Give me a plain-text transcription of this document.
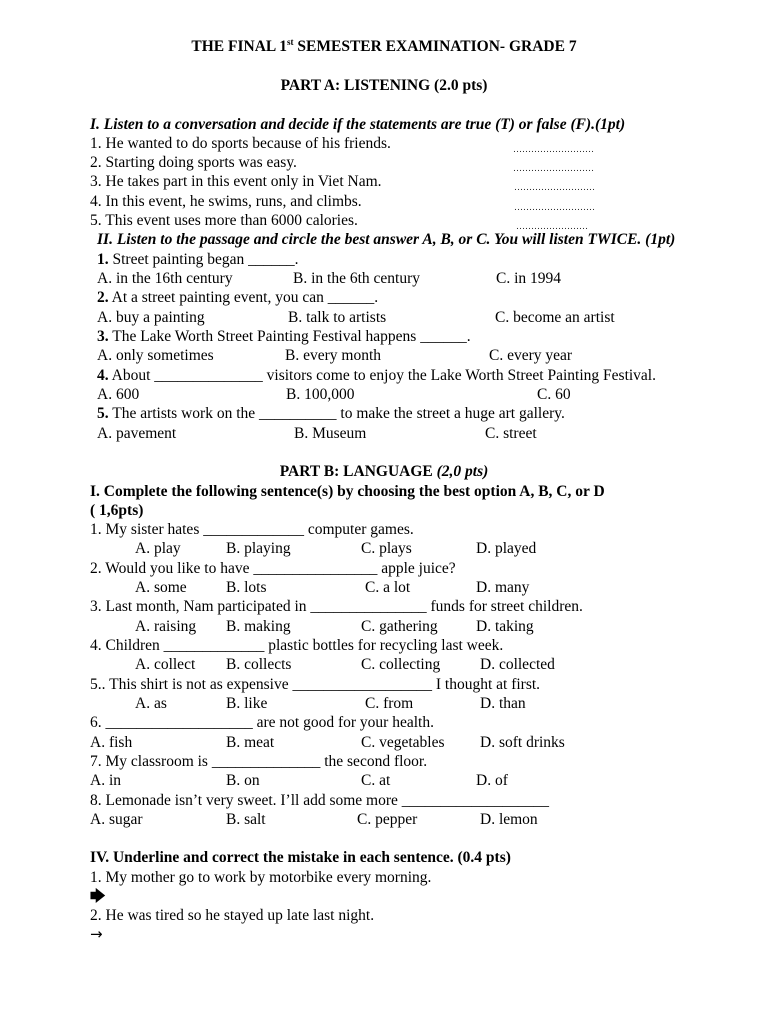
THE FINAL 1st SEMESTER EXAMINATION- GRADE 7
PART A: LISTENING (2.0 pts)
I. Listen to a conversation and decide if the statements are true (T) or false (F).(1pt)
1. He wanted to do sports because of his friends.	………………………
2. Starting doing sports was easy.	………………………
3. He takes part in this event only in Viet Nam.	………………………
4. In this event, he swims, runs, and climbs.	………………………
5. This event uses more than 6000 calories.	……………………
II. Listen to the passage and circle the best answer A, B, or C. You will listen TWICE. (1pt)
1. Street painting began ______.
A. in the 16th century	B. in the 6th century	C. in 1994
2. At a street painting event, you can ______.
A. buy a painting	B. talk to artists	C. become an artist
3. The Lake Worth Street Painting Festival happens ______.
A. only sometimes	B. every month	C. every year
4. About ______________ visitors come to enjoy the Lake Worth Street Painting Festival.
A. 600	B. 100,000	C. 60
5. The artists work on the __________ to make the street a huge art gallery.
A. pavement	B. Museum	C. street
PART B: LANGUAGE (2,0 pts)
I. Complete the following sentence(s) by choosing the best option A, B, C, or D
( 1,6pts)
1. My sister hates _____________ computer games.
A. play	B. playing	C. plays	D. played
2. Would you like to have ________________ apple juice?
A. some	B. lots	C. a lot	D. many
3. Last month, Nam participated in _______________ funds for street children.
A. raising B. making	C. gathering D. taking
4. Children _____________ plastic bottles for recycling last week.
A. collect B. collects	C. collecting	D. collected
5.. This shirt is not as expensive __________________ I thought at first.
A. as	B. like	C. from	D. than
6. ___________________ are not good for your health.
A. fish	B. meat	C. vegetables D. soft drinks
7. My classroom is ______________ the second floor.
A. in	B. on	C. at	D. of
8. Lemonade isn’t very sweet. I’ll add some more ___________________
A. sugar	B. salt	C. pepper	D. lemon
IV. Underline and correct the mistake in each sentence. (0.4 pts)
1. My mother go to work by motorbike every morning.
🡆
2. He was tired so he stayed up late last night.
→
